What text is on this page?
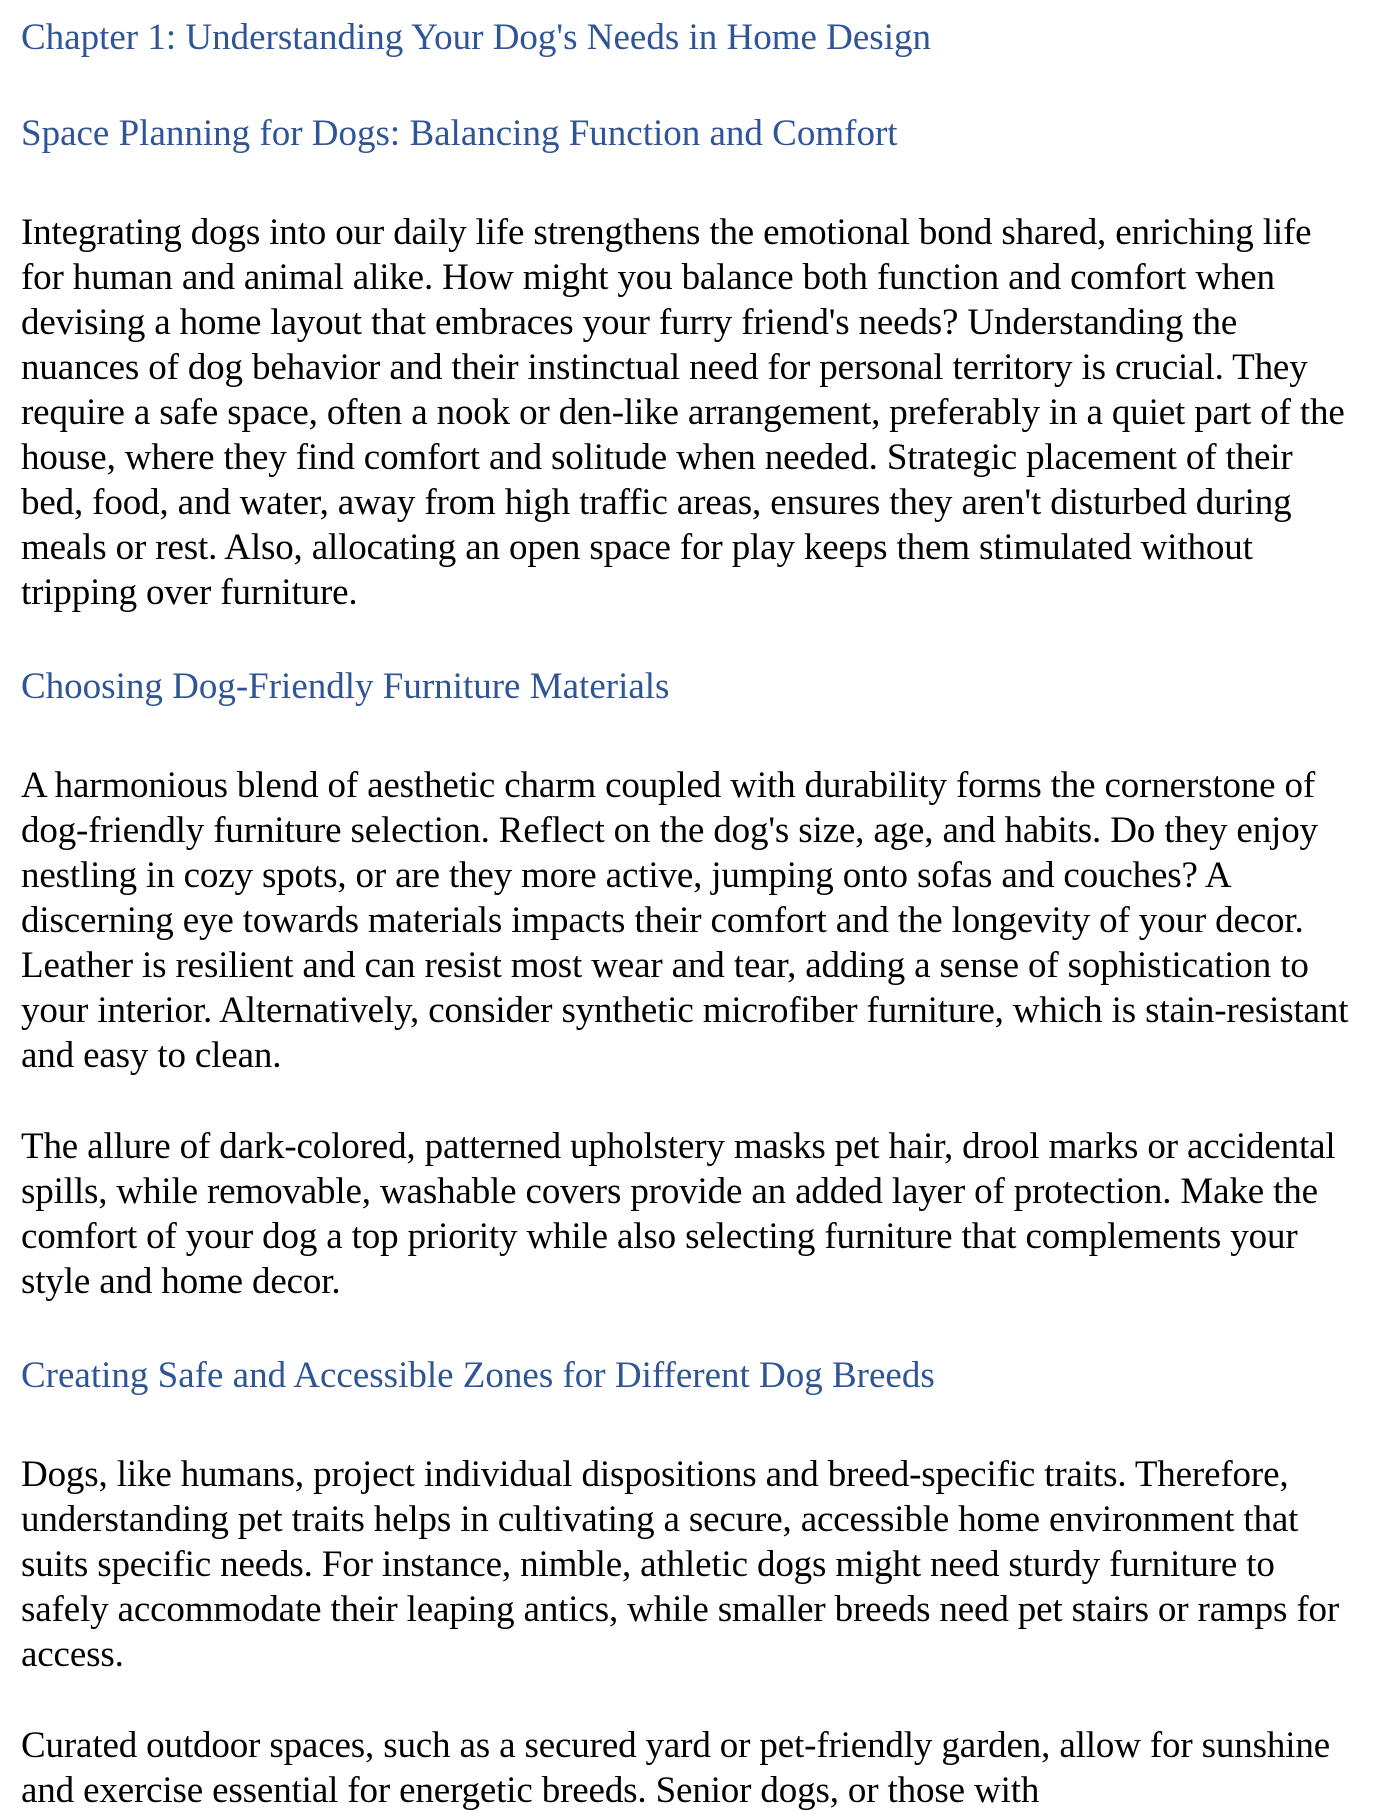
Chapter 1: Understanding Your Dog's Needs in Home Design
Space Planning for Dogs: Balancing Function and Comfort

Integrating dogs into our daily life strengthens the emotional bond shared, enriching life for human and animal alike. How might you balance both function and comfort when devising a home layout that embraces your furry friend's needs? Understanding the nuances of dog behavior and their instinctual need for personal territory is crucial. They require a safe space, often a nook or den-like arrangement, preferably in a quiet part of the house, where they find comfort and solitude when needed. Strategic placement of their bed, food, and water, away from high traffic areas, ensures they aren't disturbed during meals or rest. Also, allocating an open space for play keeps them stimulated without tripping over furniture.

Choosing Dog-Friendly Furniture Materials

A harmonious blend of aesthetic charm coupled with durability forms the cornerstone of dog-friendly furniture selection. Reflect on the dog's size, age, and habits. Do they enjoy nestling in cozy spots, or are they more active, jumping onto sofas and couches? A discerning eye towards materials impacts their comfort and the longevity of your decor. Leather is resilient and can resist most wear and tear, adding a sense of sophistication to your interior. Alternatively, consider synthetic microfiber furniture, which is stain-resistant and easy to clean.

The allure of dark-colored, patterned upholstery masks pet hair, drool marks or accidental spills, while removable, washable covers provide an added layer of protection. Make the comfort of your dog a top priority while also selecting furniture that complements your style and home decor.

Creating Safe and Accessible Zones for Different Dog Breeds

Dogs, like humans, project individual dispositions and breed-specific traits. Therefore, understanding pet traits helps in cultivating a secure, accessible home environment that suits specific needs. For instance, nimble, athletic dogs might need sturdy furniture to safely accommodate their leaping antics, while smaller breeds need pet stairs or ramps for access.

Curated outdoor spaces, such as a secured yard or pet-friendly garden, allow for sunshine and exercise essential for energetic breeds. Senior dogs, or those with
